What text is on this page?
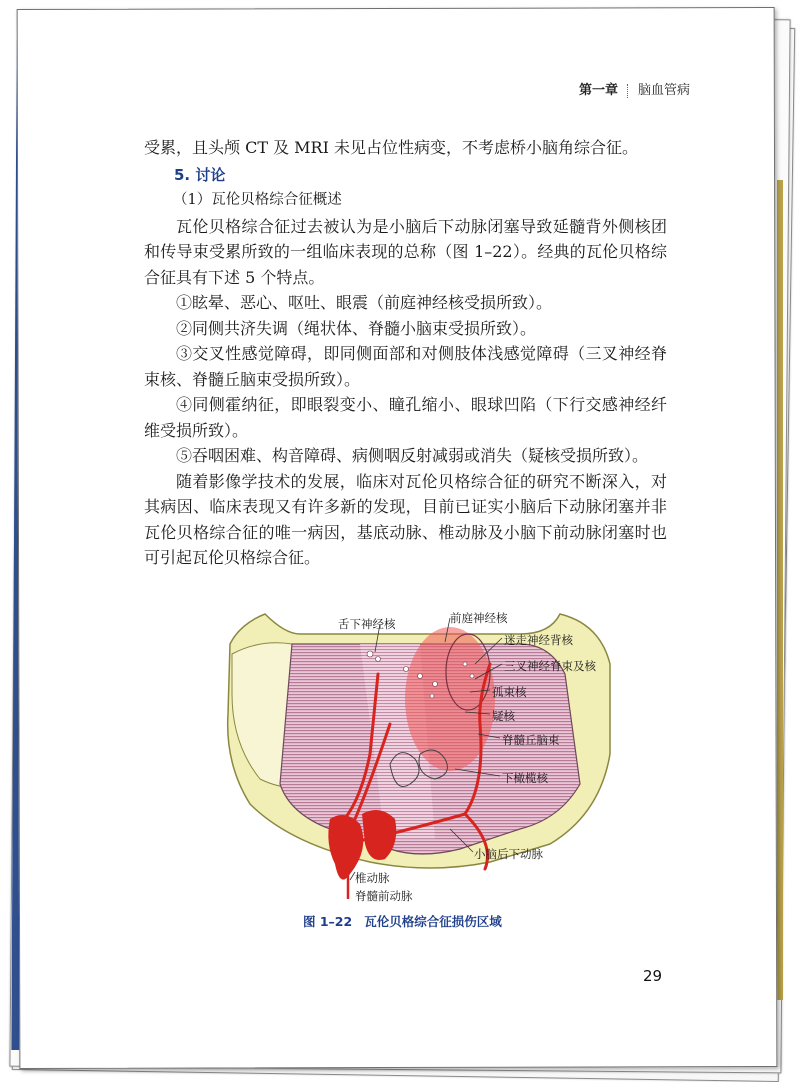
第一章 脑血管病

受累，且头颅 CT 及 MRI 未见占位性病变，不考虑桥小脑角综合征。

5. 讨论

（1）瓦伦贝格综合征概述

瓦伦贝格综合征过去被认为是小脑后下动脉闭塞导致延髓背外侧核团和传导束受累所致的一组临床表现的总称（图 1–22）。经典的瓦伦贝格综合征具有下述 5 个特点。

①眩晕、恶心、呕吐、眼震（前庭神经核受损所致）。

②同侧共济失调（绳状体、脊髓小脑束受损所致）。

③交叉性感觉障碍，即同侧面部和对侧肢体浅感觉障碍（三叉神经脊束核、脊髓丘脑束受损所致）。

④同侧霍纳征，即眼裂变小、瞳孔缩小、眼球凹陷（下行交感神经纤维受损所致）。

⑤吞咽困难、构音障碍、病侧咽反射减弱或消失（疑核受损所致）。

随着影像学技术的发展，临床对瓦伦贝格综合征的研究不断深入，对其病因、临床表现又有许多新的发现，目前已证实小脑后下动脉闭塞并非瓦伦贝格综合征的唯一病因，基底动脉、椎动脉及小脑下前动脉闭塞时也可引起瓦伦贝格综合征。

舌下神经核	前庭神经核
迷走神经背核
三叉神经脊束及核
孤束核
疑核
脊髓丘脑束
下橄榄核
小脑后下动脉
椎动脉
脊髓前动脉
图 1–22 瓦伦贝格综合征损伤区域
29
